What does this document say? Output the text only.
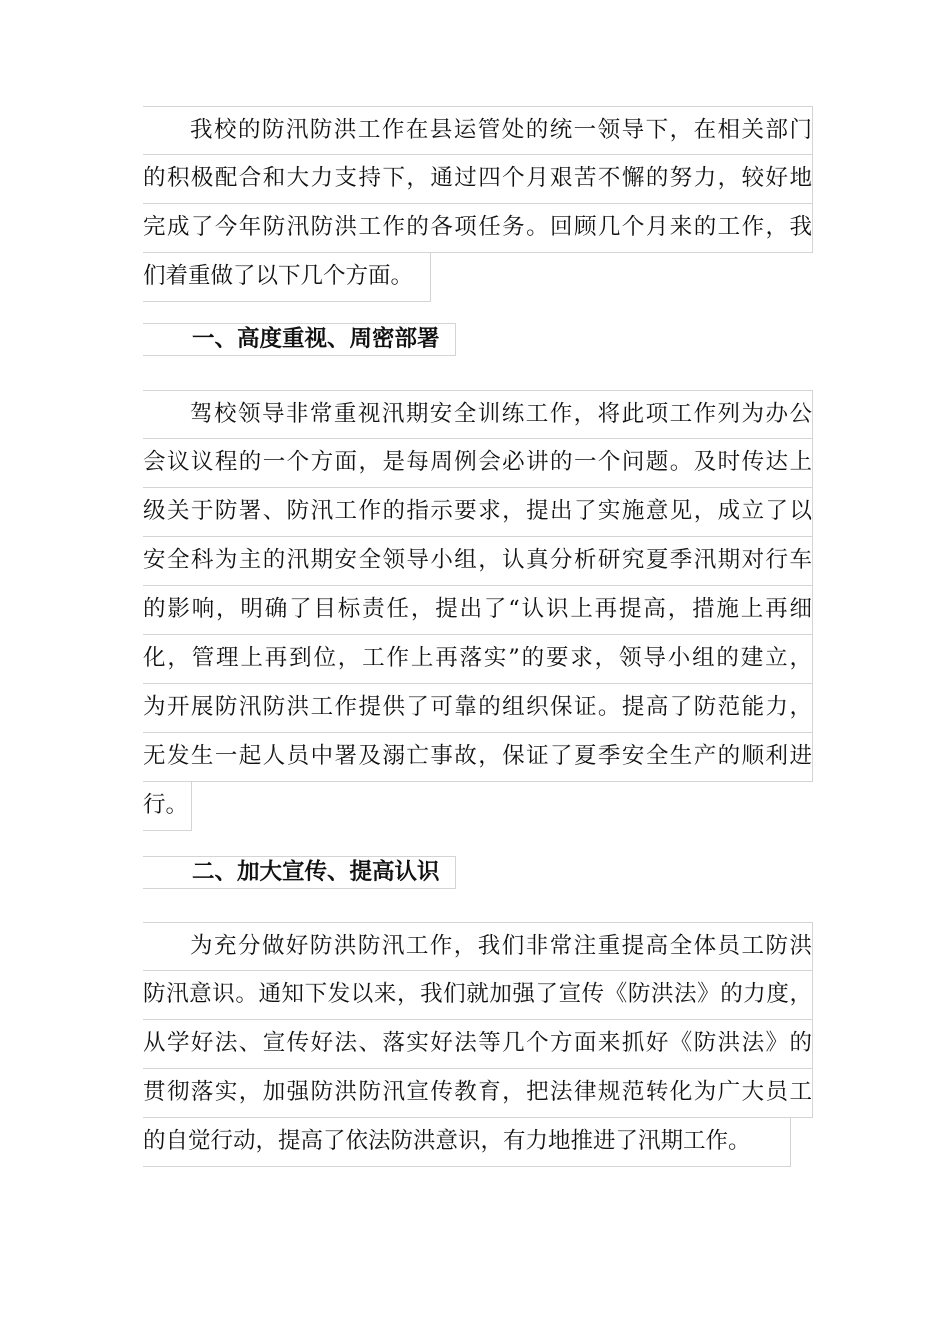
我校的防汛防洪工作在县运管处的统一领导下，在相关部门
的积极配合和大力支持下，通过四个月艰苦不懈的努力，较好地
完成了今年防汛防洪工作的各项任务。回顾几个月来的工作，我
们着重做了以下几个方面。
一、高度重视、周密部署
驾校领导非常重视汛期安全训练工作，将此项工作列为办公
会议议程的一个方面，是每周例会必讲的一个问题。及时传达上
级关于防署、防汛工作的指示要求，提出了实施意见，成立了以
安全科为主的汛期安全领导小组，认真分析研究夏季汛期对行车
的影响，明确了目标责任，提出了“认识上再提高，措施上再细
化，管理上再到位，工作上再落实”的要求，领导小组的建立，
为开展防汛防洪工作提供了可靠的组织保证。提高了防范能力，
无发生一起人员中署及溺亡事故，保证了夏季安全生产的顺利进
行。
二、加大宣传、提高认识
为充分做好防洪防汛工作，我们非常注重提高全体员工防洪
防汛意识。通知下发以来，我们就加强了宣传《防洪法》的力度，
从学好法、宣传好法、落实好法等几个方面来抓好《防洪法》的
贯彻落实，加强防洪防汛宣传教育，把法律规范转化为广大员工
的自觉行动，提高了依法防洪意识，有力地推进了汛期工作。
